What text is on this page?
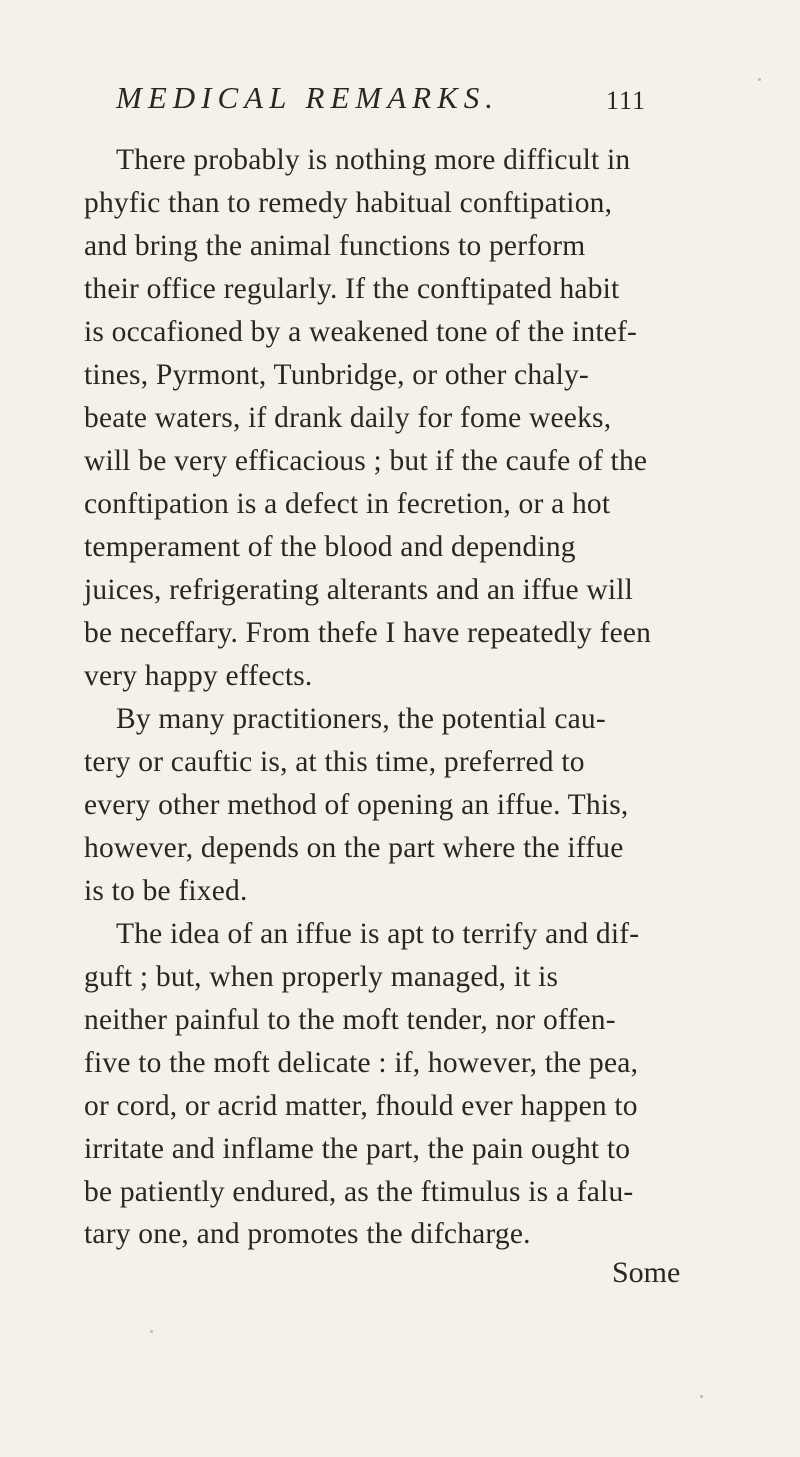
MEDICAL REMARKS.	111
There probably is nothing more difficult in
phyfic than to remedy habitual conftipation,
and bring the animal functions to perform
their office regularly. If the conftipated habit
is occafioned by a weakened tone of the intef-
tines, Pyrmont, Tunbridge, or other chaly-
beate waters, if drank daily for fome weeks,
will be very efficacious ; but if the caufe of the
conftipation is a defect in fecretion, or a hot
temperament of the blood and depending
juices, refrigerating alterants and an iffue will
be neceffary. From thefe I have repeatedly feen
very happy effects.
By many practitioners, the potential cau-
tery or cauftic is, at this time, preferred to
every other method of opening an iffue. This,
however, depends on the part where the iffue
is to be fixed.
The idea of an iffue is apt to terrify and dif-
guft ; but, when properly managed, it is
neither painful to the moft tender, nor offen-
five to the moft delicate : if, however, the pea,
or cord, or acrid matter, fhould ever happen to
irritate and inflame the part, the pain ought to
be patiently endured, as the ftimulus is a falu-
tary one, and promotes the difcharge.
Some
